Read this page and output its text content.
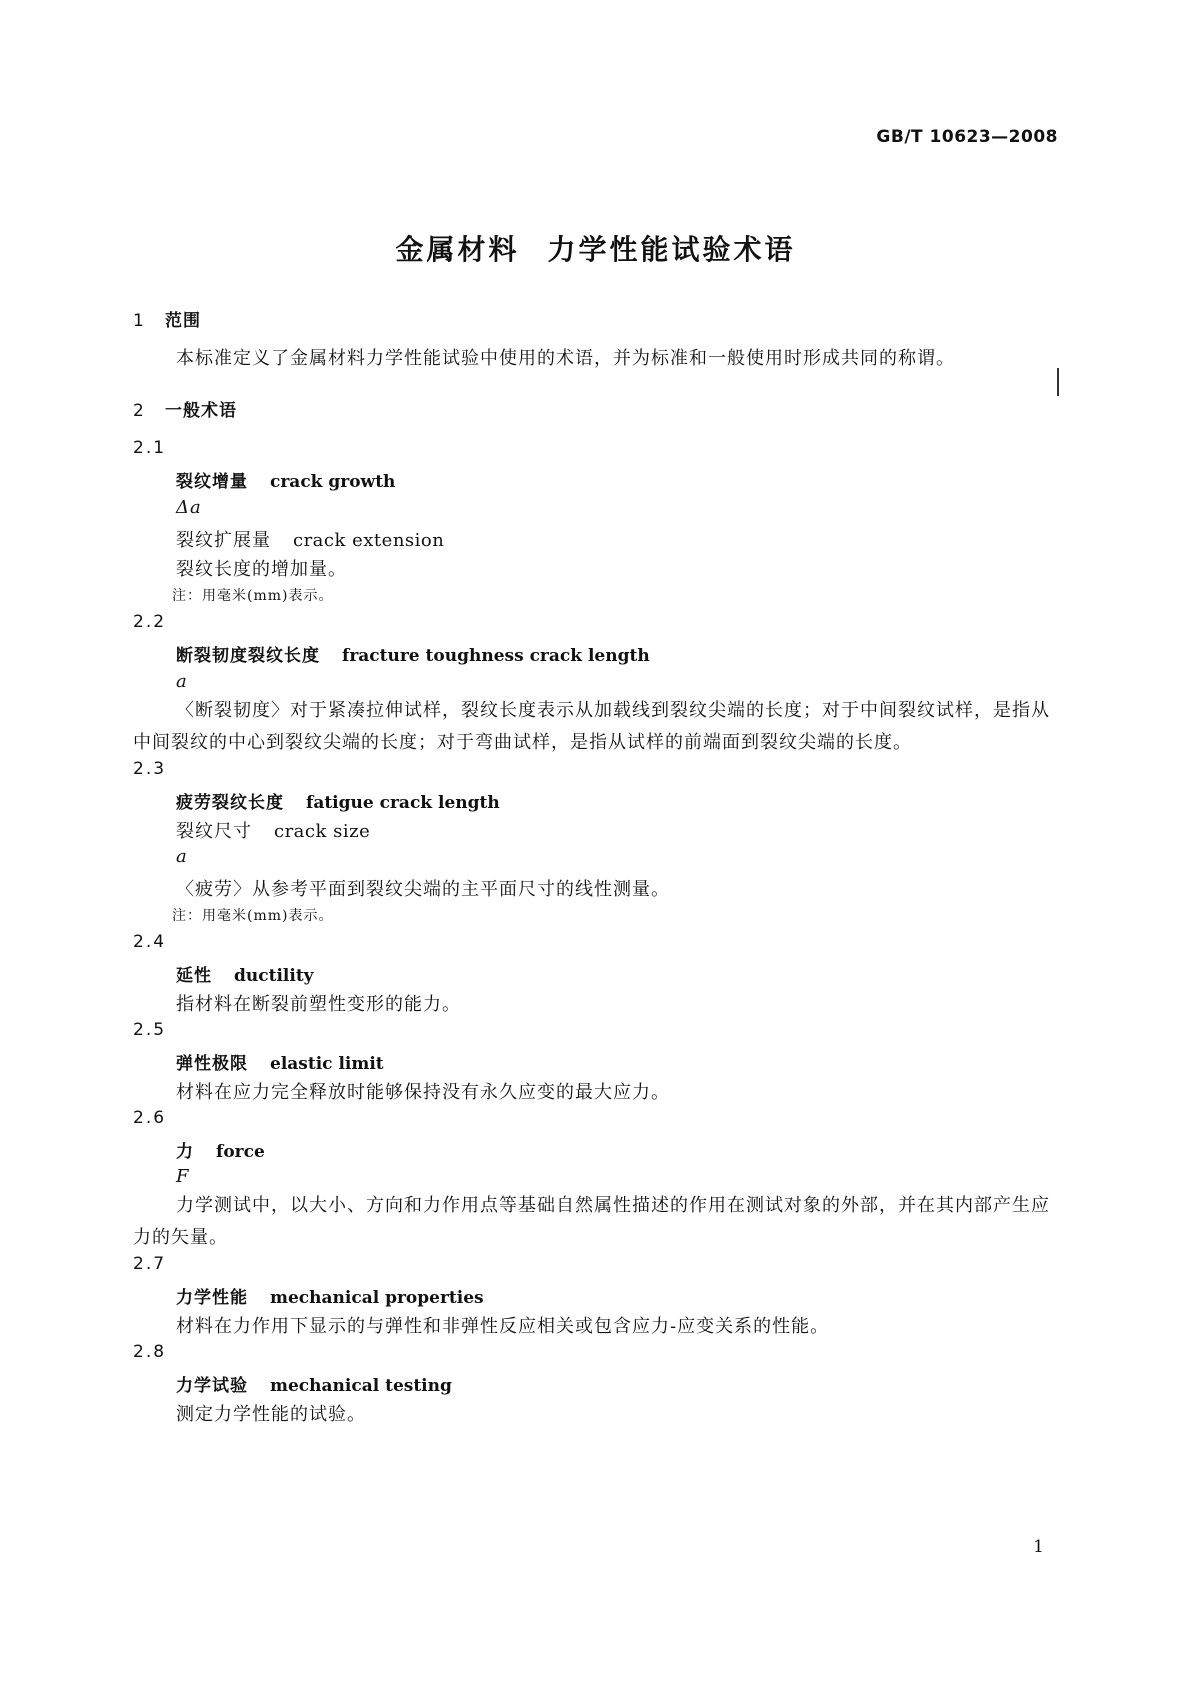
GB/T 10623—2008
金属材料 力学性能试验术语
1 范围
本标准定义了金属材料力学性能试验中使用的术语，并为标准和一般使用时形成共同的称谓。
2 一般术语
2.1
裂纹增量 crack growth
Δa
裂纹扩展量 crack extension
裂纹长度的增加量。
注：用毫米(mm)表示。
2.2
断裂韧度裂纹长度 fracture toughness crack length
a
〈断裂韧度〉对于紧凑拉伸试样，裂纹长度表示从加载线到裂纹尖端的长度；对于中间裂纹试样，是指从中间裂纹的中心到裂纹尖端的长度；对于弯曲试样，是指从试样的前端面到裂纹尖端的长度。
2.3
疲劳裂纹长度 fatigue crack length
裂纹尺寸 crack size
a
〈疲劳〉从参考平面到裂纹尖端的主平面尺寸的线性测量。
注：用毫米(mm)表示。
2.4
延性 ductility
指材料在断裂前塑性变形的能力。
2.5
弹性极限 elastic limit
材料在应力完全释放时能够保持没有永久应变的最大应力。
2.6
力 force
F
力学测试中，以大小、方向和力作用点等基础自然属性描述的作用在测试对象的外部，并在其内部产生应力的矢量。
2.7
力学性能 mechanical properties
材料在力作用下显示的与弹性和非弹性反应相关或包含应力-应变关系的性能。
2.8
力学试验 mechanical testing
测定力学性能的试验。
1
